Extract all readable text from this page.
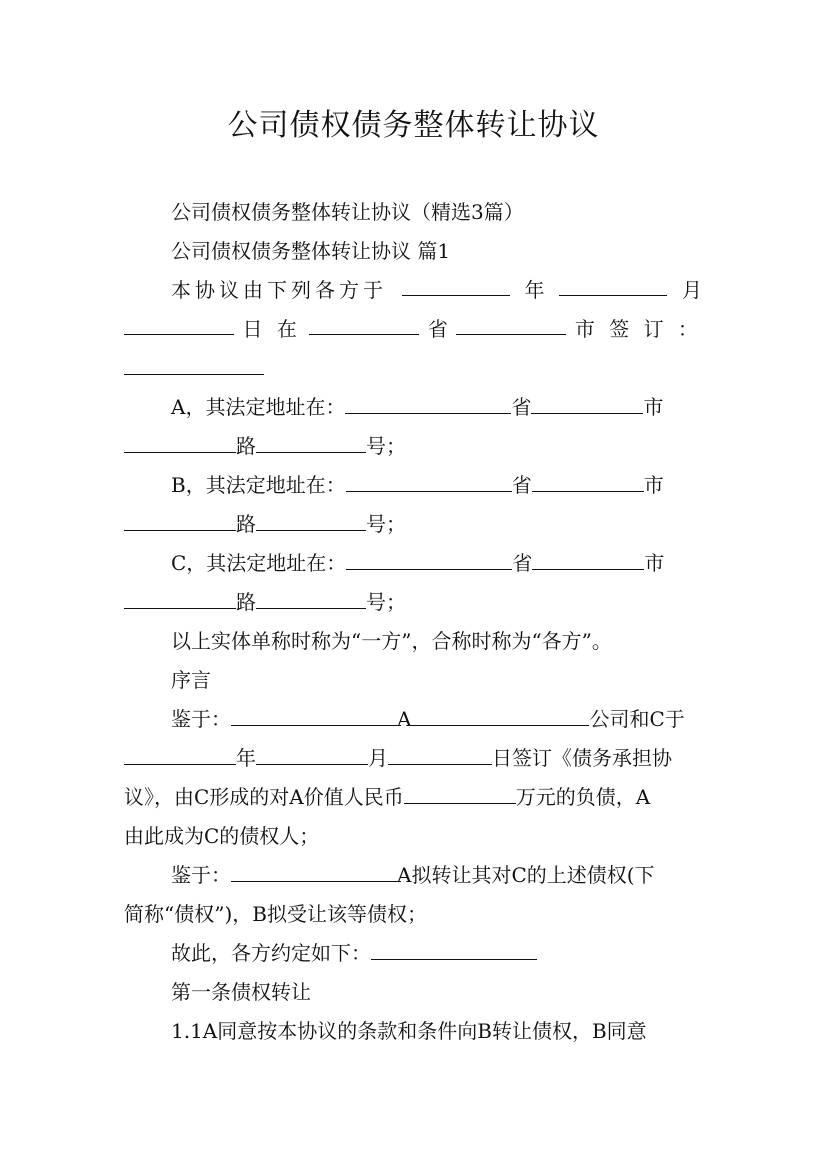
公司债权债务整体转让协议
公司债权债务整体转让协议（精选3篇）
公司债权债务整体转让协议 篇1
本协议由下列各方于	年	月
日 在	省	市 签 订 ：
A，其法定地址在：	省	市
路	号；
B，其法定地址在：	省	市
路	号；
C，其法定地址在：	省	市
路	号；
以上实体单称时称为“一方”，合称时称为“各方”。
序言
鉴于：	A	公司和C于
年	月	日签订《债务承担协
议》，由C形成的对A价值人民币	万元的负债，A
由此成为C的债权人；
鉴于：	A拟转让其对C的上述债权(下
简称“债权”)，B拟受让该等债权；
故此，各方约定如下：
第一条债权转让
1.1A同意按本协议的条款和条件向B转让债权，B同意
